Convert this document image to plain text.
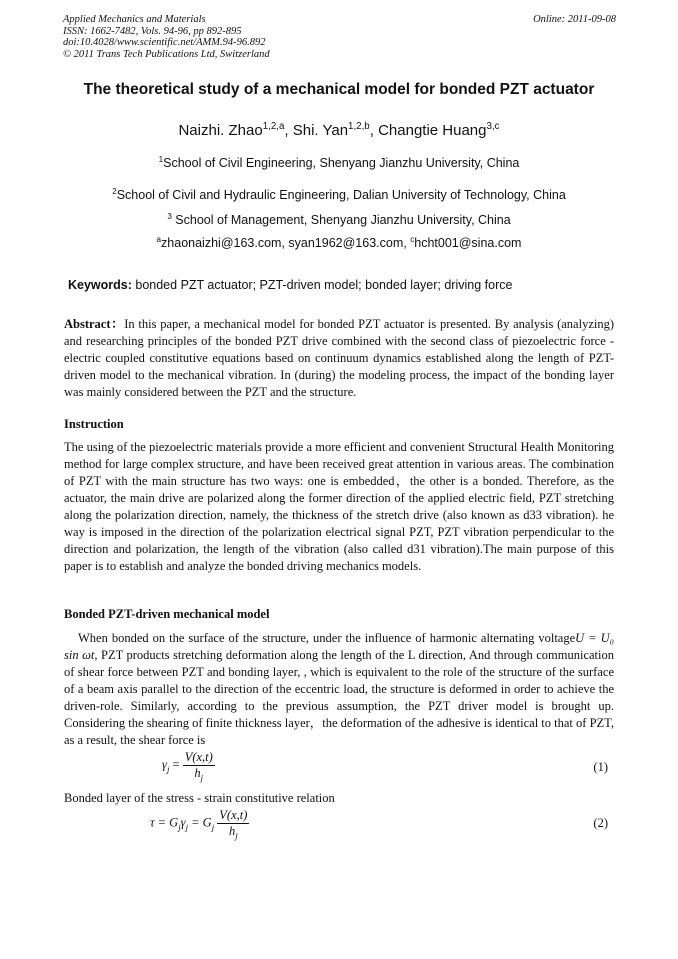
Applied Mechanics and Materials
ISSN: 1662-7482, Vols. 94-96, pp 892-895
doi:10.4028/www.scientific.net/AMM.94-96.892
© 2011 Trans Tech Publications Ltd, Switzerland
Online: 2011-09-08
The theoretical study of a mechanical model for bonded PZT actuator
Naizhi. Zhao$^{1,2,a}$, Shi. Yan$^{1,2,b}$, Changtie Huang$^{3,c}$
$^1$School of Civil Engineering, Shenyang Jianzhu University, China
$^2$School of Civil and Hydraulic Engineering, Dalian University of Technology, China
$^3$ School of Management, Shenyang Jianzhu University, China
$^a$zhaonaizhi@163.com, syan1962@163.com, $^c$hcht001@sina.com
Keywords: bonded PZT actuator; PZT-driven model; bonded layer; driving force
Abstract：In this paper, a mechanical model for bonded PZT actuator is presented. By analysis (analyzing) and researching principles of the bonded PZT drive combined with the second class of piezoelectric force - electric coupled constitutive equations based on continuum dynamics established along the length of PZT-driven model to the mechanical vibration. In (during) the modeling process, the impact of the bonding layer was mainly considered between the PZT and the structure.
Instruction
The using of the piezoelectric materials provide a more efficient and convenient Structural Health Monitoring method for large complex structure, and have been received great attention in various areas. The combination of PZT with the main structure has two ways: one is embedded，the other is a bonded. Therefore, as the actuator, the main drive are polarized along the former direction of the applied electric field, PZT stretching along the polarization direction, namely, the thickness of the stretch drive (also known as d33 vibration). he way is imposed in the direction of the polarization electrical signal PZT, PZT vibration perpendicular to the direction and polarization, the length of the vibration (also called d31 vibration).The main purpose of this paper is to establish and analyze the bonded driving mechanics models.
Bonded PZT-driven mechanical model
When bonded on the surface of the structure, under the influence of harmonic alternating voltageU = U₀ sin ωt, PZT products stretching deformation along the length of the L direction, And through communication of shear force between PZT and bonding layer, , which is equivalent to the role of the structure of the surface of a beam axis parallel to the direction of the eccentric load, the structure is deformed in order to achieve the driven-role. Similarly, according to the previous assumption, the PZT driver model is brought up. Considering the shearing of finite thickness layer，the deformation of the adhesive is identical to that of PZT, as a result, the shear force is
$\gamma_j = \frac{V(x,t)}{h_j}$	(1)
Bonded layer of the stress - strain constitutive relation
$\tau = G_j\gamma_j = G_j \frac{V(x,t)}{h_j}$	(2)
